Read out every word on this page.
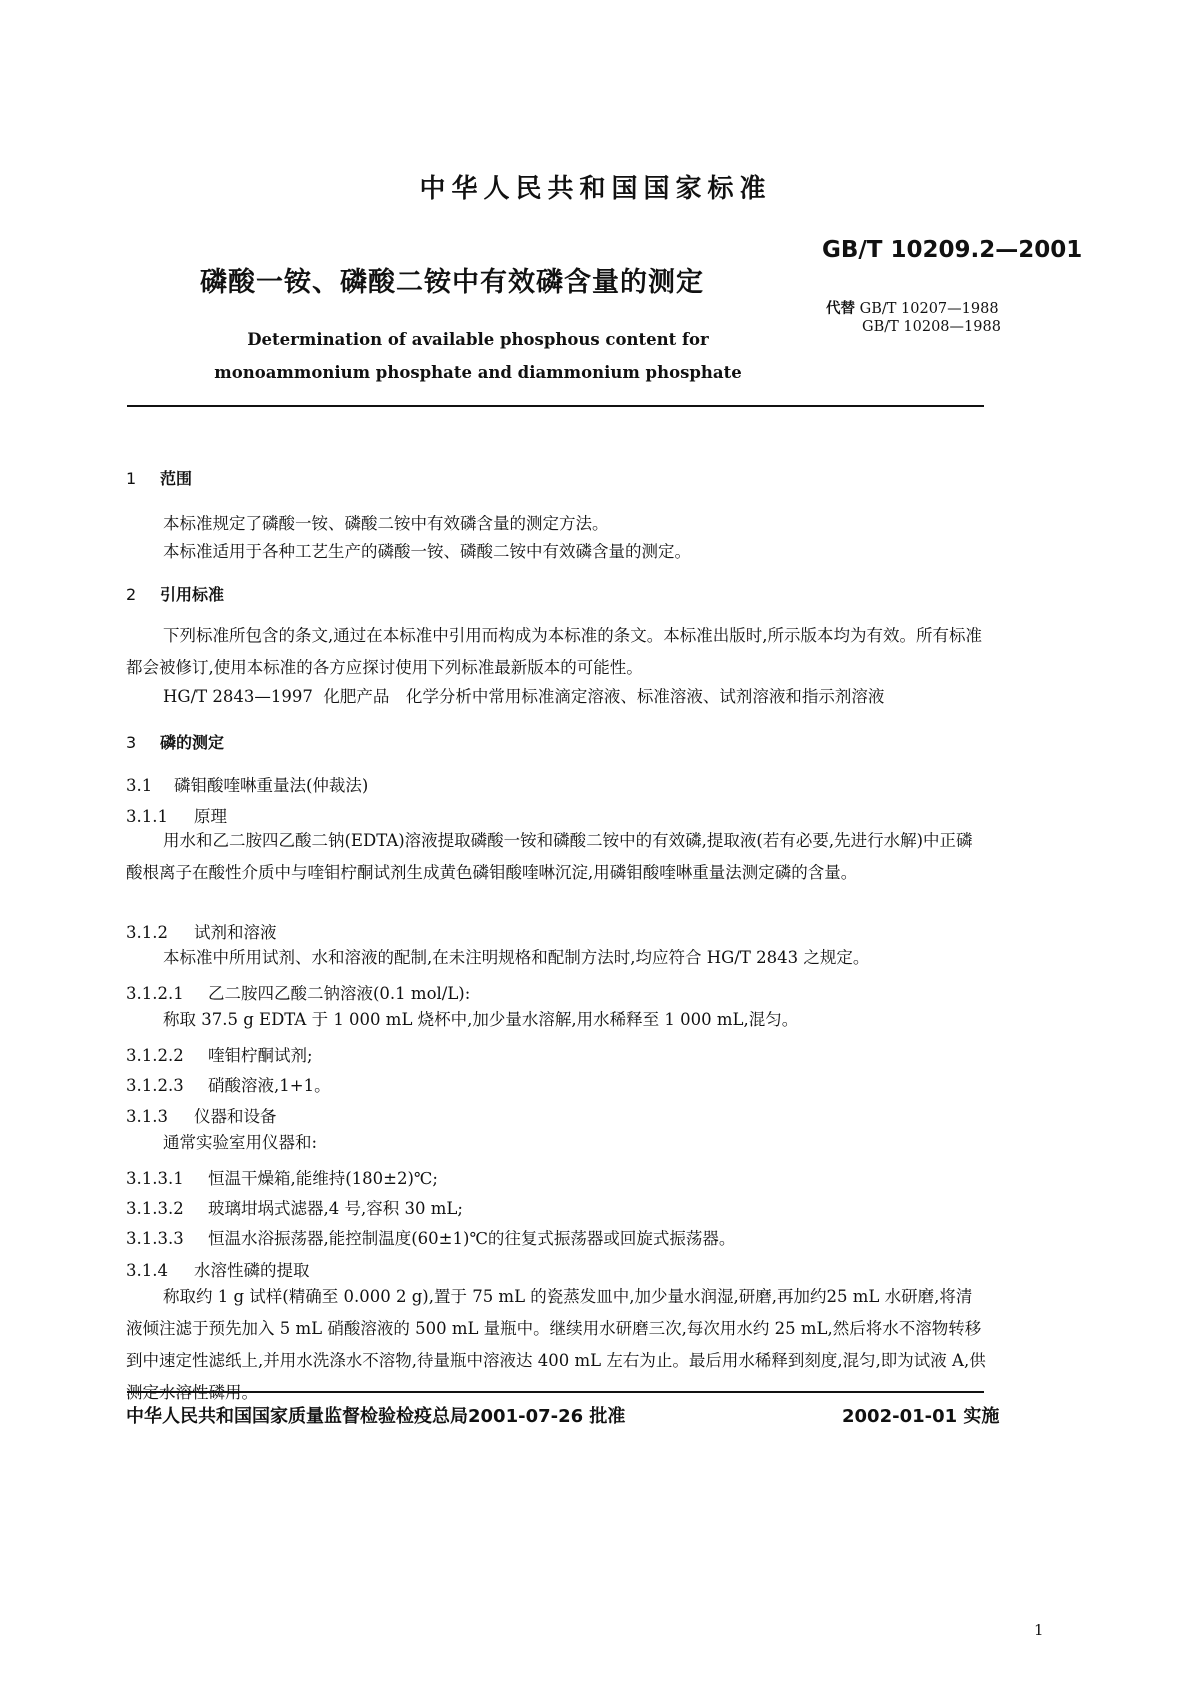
中华人民共和国国家标准
GB/T 10209.2—2001
代替 GB/T 10207—1988
GB/T 10208—1988
磷酸一铵、磷酸二铵中有效磷含量的测定
Determination of available phosphous content for
monoammonium phosphate and diammonium phosphate
1 范围
本标准规定了磷酸一铵、磷酸二铵中有效磷含量的测定方法。
本标准适用于各种工艺生产的磷酸一铵、磷酸二铵中有效磷含量的测定。
2 引用标准
下列标准所包含的条文,通过在本标准中引用而构成为本标准的条文。本标准出版时,所示版本均为有效。所有标准都会被修订,使用本标准的各方应探讨使用下列标准最新版本的可能性。
HG/T 2843—1997 化肥产品　化学分析中常用标准滴定溶液、标准溶液、试剂溶液和指示剂溶液
3 磷的测定
3.1 磷钼酸喹啉重量法(仲裁法)
3.1.1 原理
用水和乙二胺四乙酸二钠(EDTA)溶液提取磷酸一铵和磷酸二铵中的有效磷,提取液(若有必要,先进行水解)中正磷酸根离子在酸性介质中与喹钼柠酮试剂生成黄色磷钼酸喹啉沉淀,用磷钼酸喹啉重量法测定磷的含量。
3.1.2 试剂和溶液
本标准中所用试剂、水和溶液的配制,在未注明规格和配制方法时,均应符合 HG/T 2843 之规定。
3.1.2.1 乙二胺四乙酸二钠溶液(0.1 mol/L):
称取 37.5 g EDTA 于 1 000 mL 烧杯中,加少量水溶解,用水稀释至 1 000 mL,混匀。
3.1.2.2 喹钼柠酮试剂;
3.1.2.3 硝酸溶液,1+1。
3.1.3 仪器和设备
通常实验室用仪器和:
3.1.3.1 恒温干燥箱,能维持(180±2)℃;
3.1.3.2 玻璃坩埚式滤器,4 号,容积 30 mL;
3.1.3.3 恒温水浴振荡器,能控制温度(60±1)℃的往复式振荡器或回旋式振荡器。
3.1.4 水溶性磷的提取
称取约 1 g 试样(精确至 0.000 2 g),置于 75 mL 的瓷蒸发皿中,加少量水润湿,研磨,再加约25 mL 水研磨,将清液倾注滤于预先加入 5 mL 硝酸溶液的 500 mL 量瓶中。继续用水研磨三次,每次用水约 25 mL,然后将水不溶物转移到中速定性滤纸上,并用水洗涤水不溶物,待量瓶中溶液达 400 mL 左右为止。最后用水稀释到刻度,混匀,即为试液 A,供
中华人民共和国国家质量监督检验检疫总局2001-07-26 批准	2002-01-01 实施
1
